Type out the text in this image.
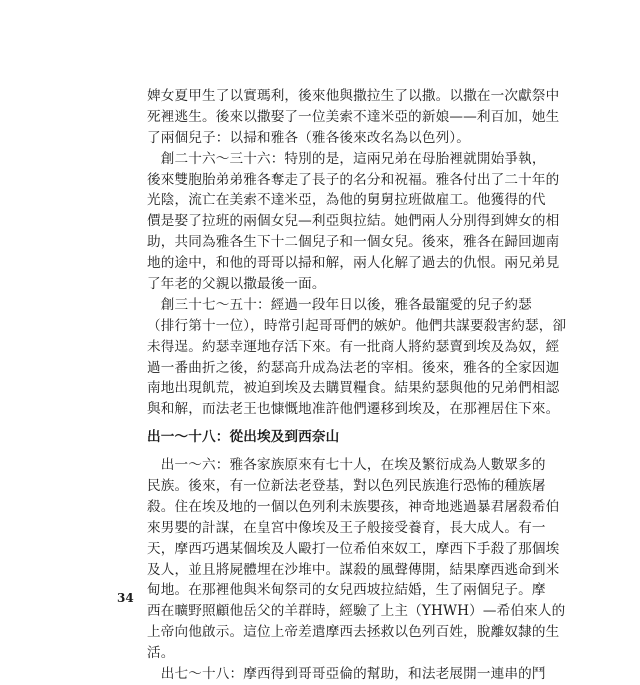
婢女夏甲生了以實瑪利，後來他與撒拉生了以撒。以撒在一次獻祭中
死裡逃生。後來以撒娶了一位美索不達米亞的新娘——利百加，她生
了兩個兒子：以掃和雅各（雅各後來改名為以色列）。
　創二十六～三十六：特別的是，這兩兄弟在母胎裡就開始爭執，
後來雙胞胎弟弟雅各奪走了長子的名分和祝福。雅各付出了二十年的
光陰，流亡在美索不達米亞，為他的舅舅拉班做雇工。他獲得的代
價是娶了拉班的兩個女兒—利亞與拉結。她們兩人分別得到婢女的相
助，共同為雅各生下十二個兒子和一個女兒。後來，雅各在歸回迦南
地的途中，和他的哥哥以掃和解，兩人化解了過去的仇恨。兩兄弟見
了年老的父親以撒最後一面。
　創三十七～五十：經過一段年日以後，雅各最寵愛的兒子約瑟
（排行第十一位），時常引起哥哥們的嫉妒。他們共謀要殺害約瑟，卻
未得逞。約瑟幸運地存活下來。有一批商人將約瑟賣到埃及為奴，經
過一番曲折之後，約瑟高升成為法老的宰相。後來，雅各的全家因迦
南地出現飢荒，被迫到埃及去購買糧食。結果約瑟與他的兄弟們相認
與和解，而法老王也慷慨地准許他們遷移到埃及，在那裡居住下來。
出一～十八：從出埃及到西奈山
　出一～六：雅各家族原來有七十人，在埃及繁衍成為人數眾多的
民族。後來，有一位新法老登基，對以色列民族進行恐怖的種族屠
殺。住在埃及地的一個以色列利未族嬰孩，神奇地逃過暴君屠殺希伯
來男嬰的計謀，在皇宮中像埃及王子般接受養育，長大成人。有一
天，摩西巧遇某個埃及人毆打一位希伯來奴工，摩西下手殺了那個埃
及人，並且將屍體埋在沙堆中。謀殺的風聲傳開，結果摩西逃命到米
甸地。在那裡他與米甸祭司的女兒西坡拉結婚，生了兩個兒子。摩
西在曠野照顧他岳父的羊群時，經驗了上主（YHWH）—希伯來人的
上帝向他啟示。這位上帝差遣摩西去拯救以色列百姓，脫離奴隸的生
活。
　出七～十八：摩西得到哥哥亞倫的幫助，和法老展開一連串的鬥
34
